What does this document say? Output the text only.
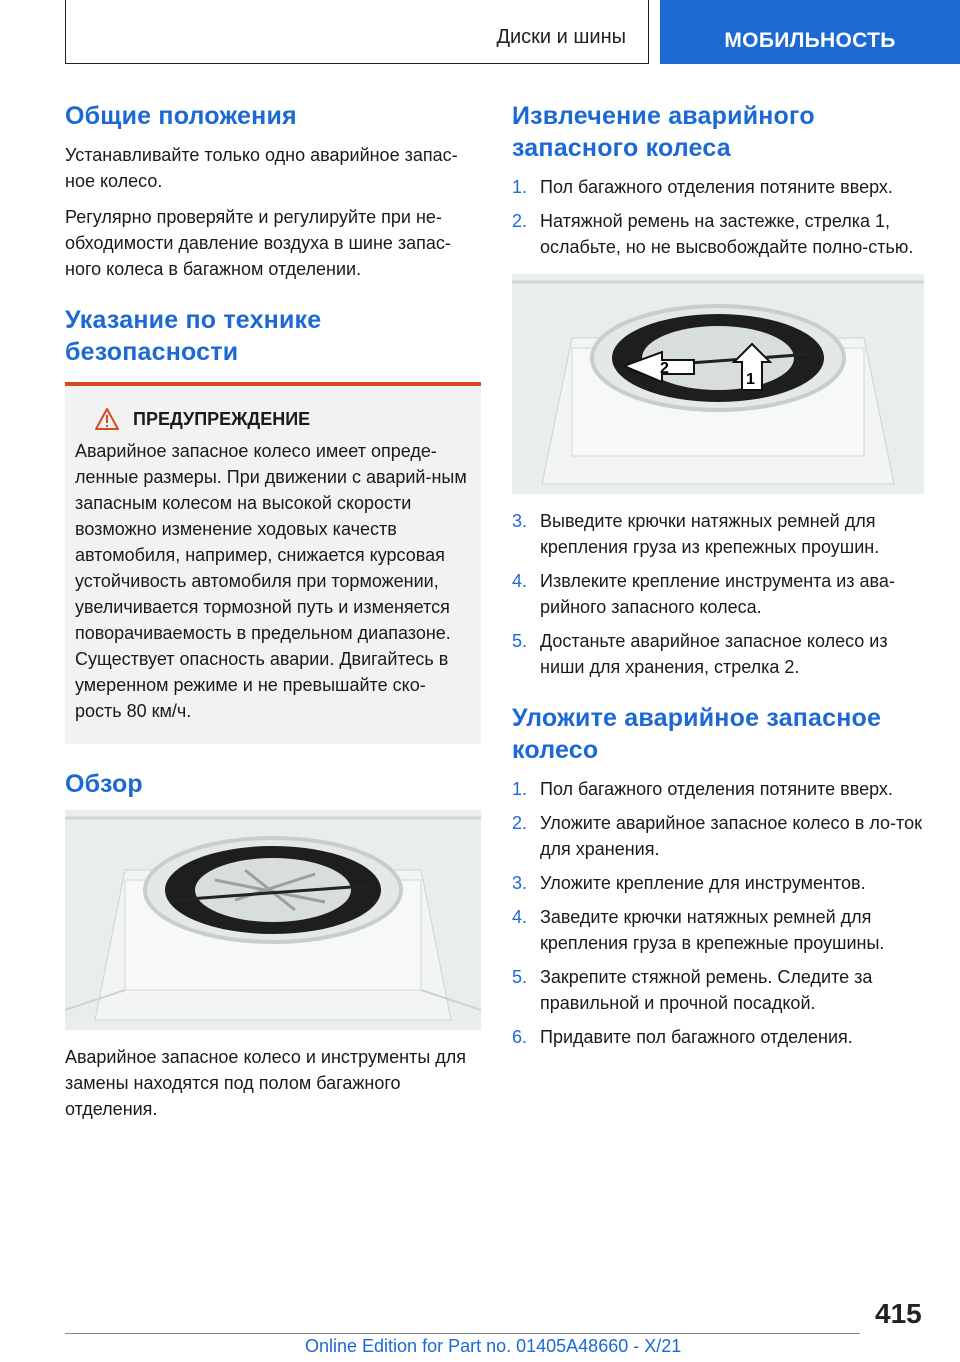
Диски и шины	МОБИЛЬНОСТЬ
Общие положения

Устанавливайте только одно аварийное запас-ное колесо.

Регулярно проверяйте и регулируйте при не-обходимости давление воздуха в шине запас-ного колеса в багажном отделении.

Указание по технике безопасности
ПРЕДУПРЕЖДЕНИЕ

Аварийное запасное колесо имеет опреде-ленные размеры. При движении с аварий-ным запасным колесом на высокой скорости возможно изменение ходовых качеств автомобиля, например, снижается курсовая устойчивость автомобиля при торможении, увеличивается тормозной путь и изменяется поворачиваемость в предельном диапазоне. Существует опасность аварии. Двигайтесь в умеренном режиме и не превышайте ско-рость 80 км/ч.

Обзор

Аварийное запасное колесо и инструменты для замены находятся под полом багажного отделения.

Извлечение аварийного запасного колеса
1. Пол багажного отделения потяните вверх.
2. Натяжной ремень на застежке, стрелка 1, ослабьте, но не высвобождайте полно-стью.
2
1
3. Выведите крючки натяжных ремней для крепления груза из крепежных проушин.
4. Извлеките крепление инструмента из ава-рийного запасного колеса.
5. Достаньте аварийное запасное колесо из ниши для хранения, стрелка 2.
Уложите аварийное запасное колесо
1. Пол багажного отделения потяните вверх.
2. Уложите аварийное запасное колесо в ло-ток для хранения.
3. Уложите крепление для инструментов.
4. Заведите крючки натяжных ремней для крепления груза в крепежные проушины.
5. Закрепите стяжной ремень. Следите за правильной и прочной посадкой.
6. Придавите пол багажного отделения.
415
Online Edition for Part no. 01405A48660 - X/21
